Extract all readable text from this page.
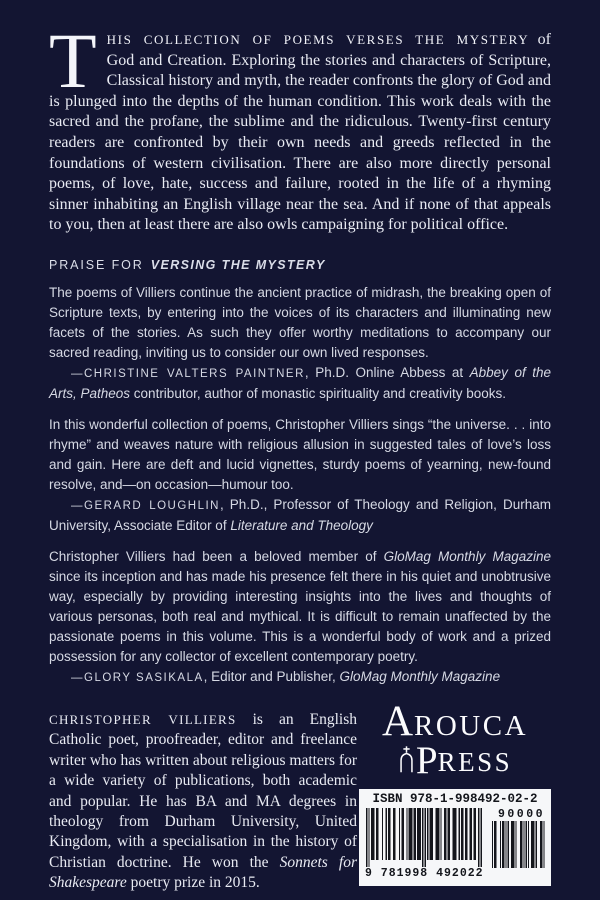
THIS COLLECTION OF POEMS VERSES THE MYSTERY of God and Creation. Exploring the stories and characters of Scripture, Classical history and myth, the reader confronts the glory of God and is plunged into the depths of the human condition. This work deals with the sacred and the profane, the sublime and the ridiculous. Twenty-first century readers are confronted by their own needs and greeds reflected in the foundations of western civilisation. There are also more directly personal poems, of love, hate, success and failure, rooted in the life of a rhyming sinner inhabiting an English village near the sea. And if none of that appeals to you, then at least there are also owls campaigning for political office.

PRAISE FOR VERSING THE MYSTERY

The poems of Villiers continue the ancient practice of midrash, the breaking open of Scripture texts, by entering into the voices of its characters and illuminating new facets of the stories. As such they offer worthy meditations to accompany our sacred reading, inviting us to consider our own lived responses.

—CHRISTINE VALTERS PAINTNER, Ph.D. Online Abbess at Abbey of the Arts, Patheos contributor, author of monastic spirituality and creativity books.

In this wonderful collection of poems, Christopher Villiers sings “the universe. . . into rhyme” and weaves nature with religious allusion in suggested tales of love’s loss and gain. Here are deft and lucid vignettes, sturdy poems of yearning, new-found resolve, and—on occasion—humour too.

—GERARD LOUGHLIN, Ph.D., Professor of Theology and Religion, Durham University, Associate Editor of Literature and Theology

Christopher Villiers had been a beloved member of GloMag Monthly Magazine since its inception and has made his presence felt there in his quiet and unobtrusive way, especially by providing interesting insights into the lives and thoughts of various personas, both real and mythical. It is difficult to remain unaffected by the passionate poems in this volume. This is a wonderful body of work and a prized possession for any collector of excellent contemporary poetry.

—GLORY SASIKALA, Editor and Publisher, GloMag Monthly Magazine

CHRISTOPHER VILLIERS is an English Catholic poet, proofreader, editor and freelance writer who has written about religious matters for a wide variety of publications, both academic and popular. He has BA and MA degrees in theology from Durham University, United Kingdom, with a specialisation in the history of Christian doctrine. He won the Sonnets for Shakespeare poetry prize in 2015.

AROUCA
P RESS
ISBN 978-1-998492-02-2
9 781998 492022
90000
